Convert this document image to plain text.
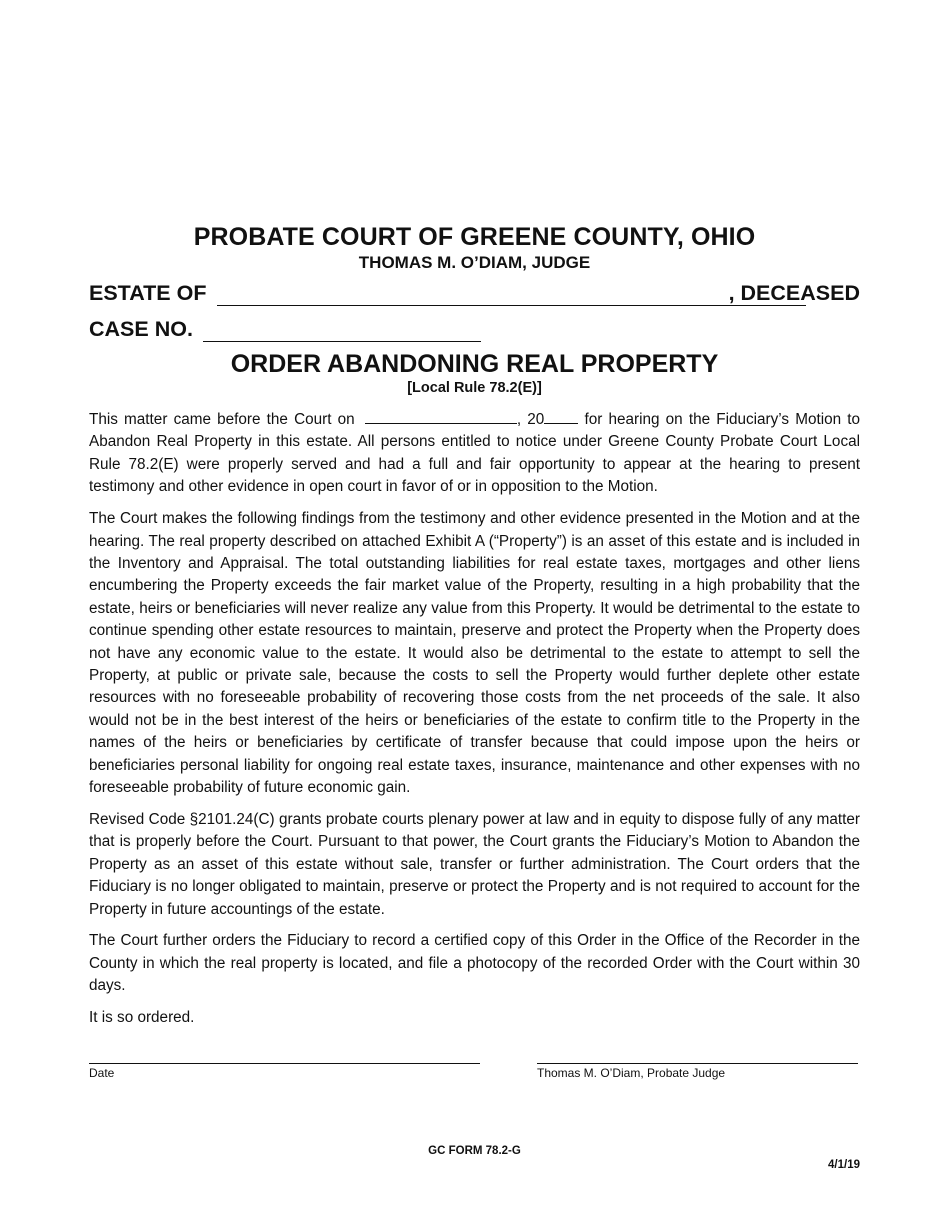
PROBATE COURT OF GREENE COUNTY, OHIO
THOMAS M. O’DIAM, JUDGE
ESTATE OF	, DECEASED
CASE NO.
ORDER ABANDONING REAL PROPERTY
[Local Rule 78.2(E)]

This matter came before the Court on	, 20	for hearing on the Fiduciary’s Motion to Abandon Real Property in this estate. All persons entitled to notice under Greene County Probate Court Local Rule 78.2(E) were properly served and had a full and fair opportunity to appear at the hearing to present testimony and other evidence in open court in favor of or in opposition to the Motion.

The Court makes the following findings from the testimony and other evidence presented in the Motion and at the hearing. The real property described on attached Exhibit A (“Property”) is an asset of this estate and is included in the Inventory and Appraisal. The total outstanding liabilities for real estate taxes, mortgages and other liens encumbering the Property exceeds the fair market value of the Property, resulting in a high probability that the estate, heirs or beneficiaries will never realize any value from this Property. It would be detrimental to the estate to continue spending other estate resources to maintain, preserve and protect the Property when the Property does not have any economic value to the estate. It would also be detrimental to the estate to attempt to sell the Property, at public or private sale, because the costs to sell the Property would further deplete other estate resources with no foreseeable probability of recovering those costs from the net proceeds of the sale. It also would not be in the best interest of the heirs or beneficiaries of the estate to confirm title to the Property in the names of the heirs or beneficiaries by certificate of transfer because that could impose upon the heirs or beneficiaries personal liability for ongoing real estate taxes, insurance, maintenance and other expenses with no foreseeable probability of future economic gain.

Revised Code §2101.24(C) grants probate courts plenary power at law and in equity to dispose fully of any matter that is properly before the Court. Pursuant to that power, the Court grants the Fiduciary’s Motion to Abandon the Property as an asset of this estate without sale, transfer or further administration. The Court orders that the Fiduciary is no longer obligated to maintain, preserve or protect the Property and is not required to account for the Property in future accountings of the estate.

The Court further orders the Fiduciary to record a certified copy of this Order in the Office of the Recorder in the County in which the real property is located, and file a photocopy of the recorded Order with the Court within 30 days.

It is so ordered.

Date	Thomas M. O’Diam, Probate Judge
GC FORM 78.2-G
4/1/19
